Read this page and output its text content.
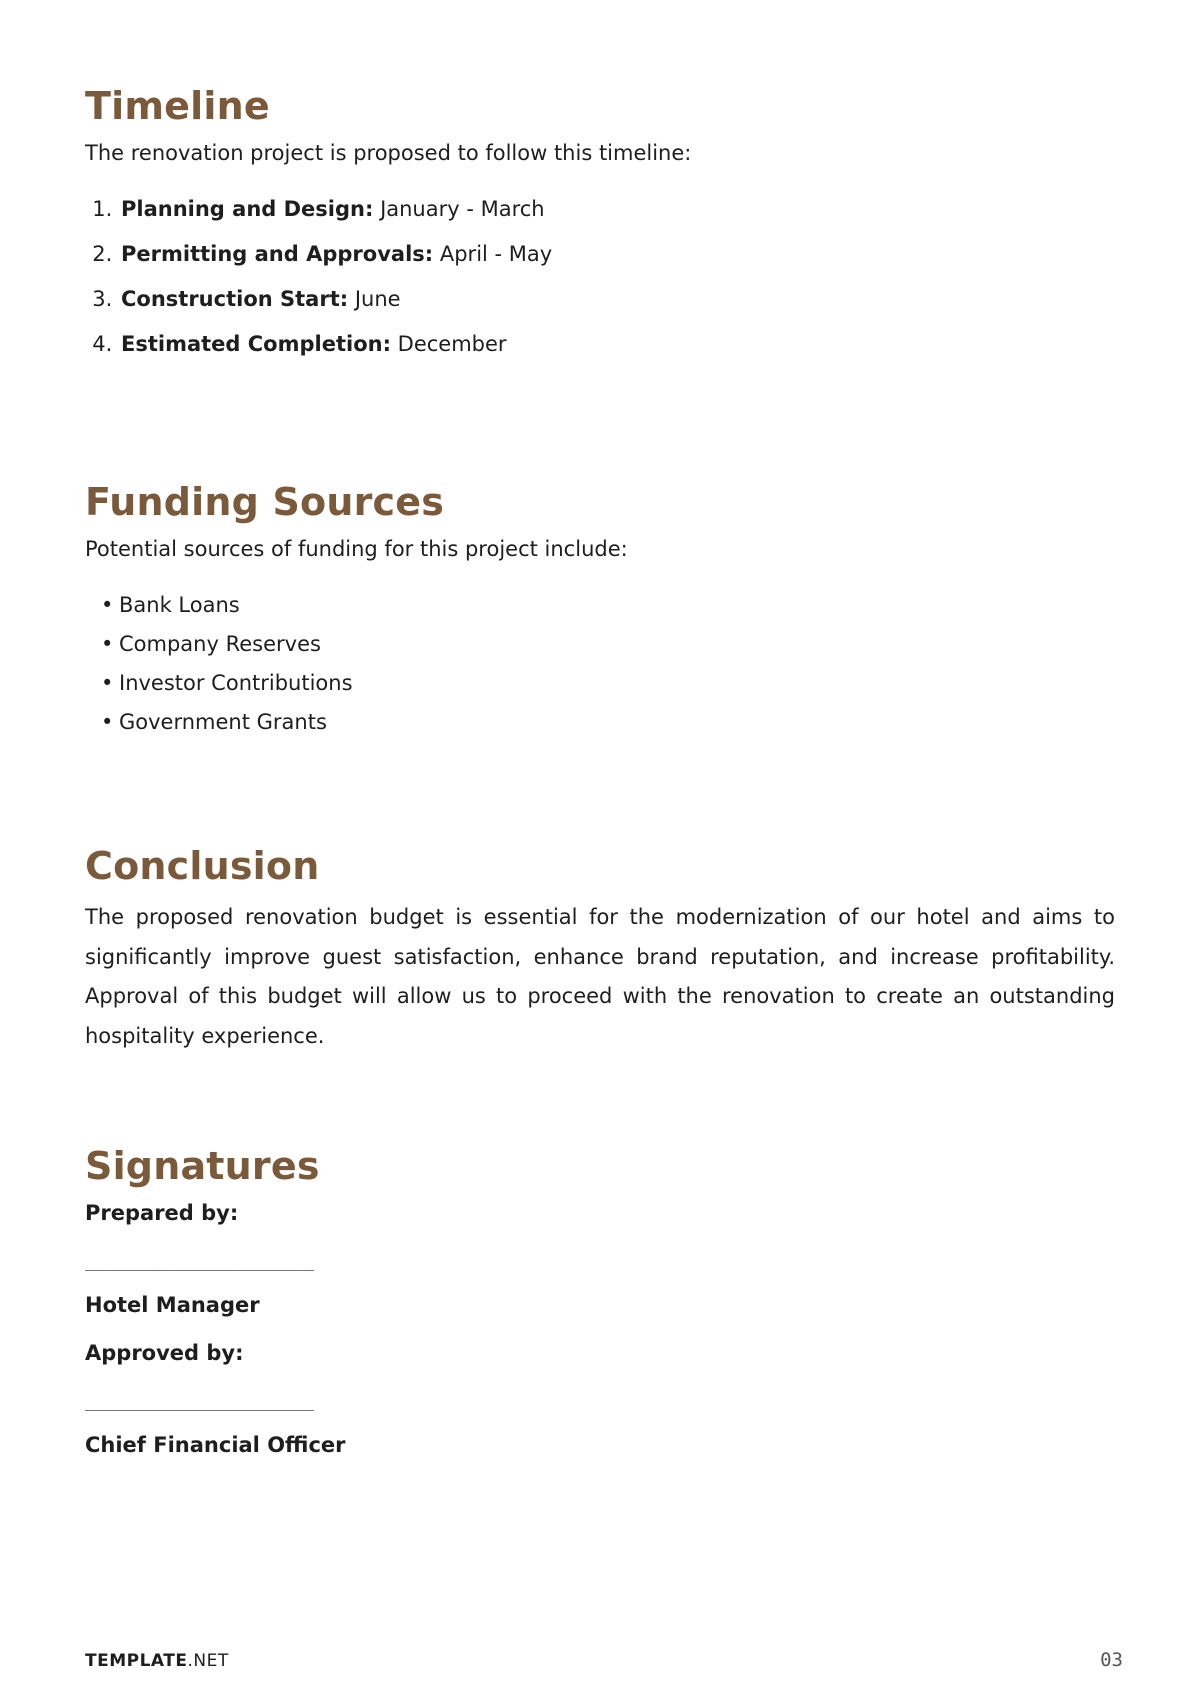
Timeline

The renovation project is proposed to follow this timeline:

1. Planning and Design: January - March
2. Permitting and Approvals: April - May
3. Construction Start: June
4. Estimated Completion: December
Funding Sources

Potential sources of funding for this project include:

• Bank Loans
• Company Reserves
• Investor Contributions
• Government Grants
Conclusion

The proposed renovation budget is essential for the modernization of our hotel and aims to significantly improve guest satisfaction, enhance brand reputation, and increase profitability. Approval of this budget will allow us to proceed with the renovation to create an outstanding hospitality experience.

Signatures
Prepared by:
_________________________
Hotel Manager
Approved by:
_________________________
Chief Financial Officer
TEMPLATE.NET	03
